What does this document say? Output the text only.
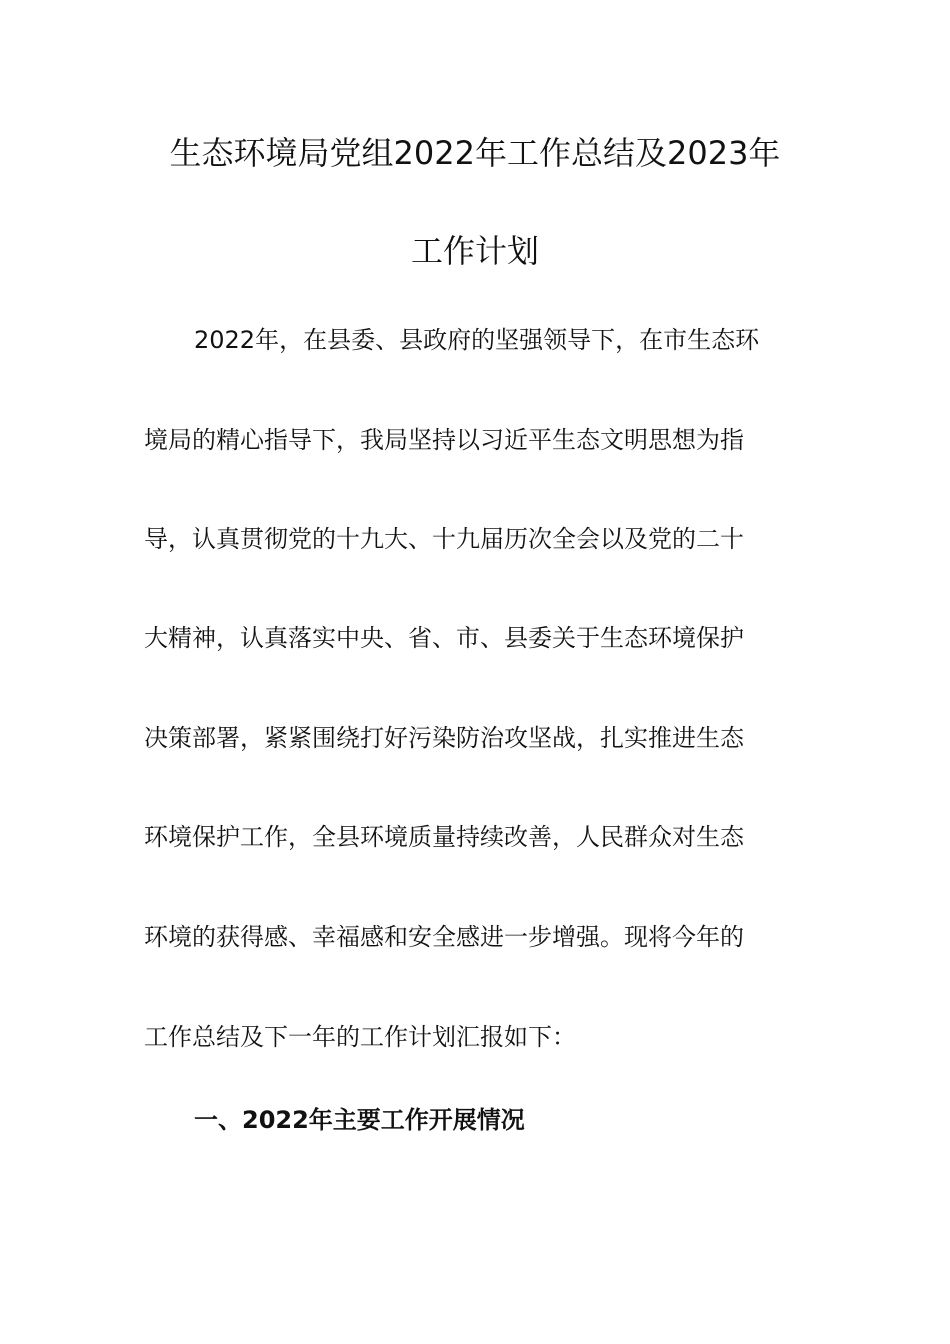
生态环境局党组2022年工作总结及2023年
工作计划
2022年，在县委、县政府的坚强领导下，在市生态环
境局的精心指导下，我局坚持以习近平生态文明思想为指
导，认真贯彻党的十九大、十九届历次全会以及党的二十
大精神，认真落实中央、省、市、县委关于生态环境保护
决策部署，紧紧围绕打好污染防治攻坚战，扎实推进生态
环境保护工作，全县环境质量持续改善，人民群众对生态
环境的获得感、幸福感和安全感进一步增强。现将今年的
工作总结及下一年的工作计划汇报如下：
一、2022年主要工作开展情况
